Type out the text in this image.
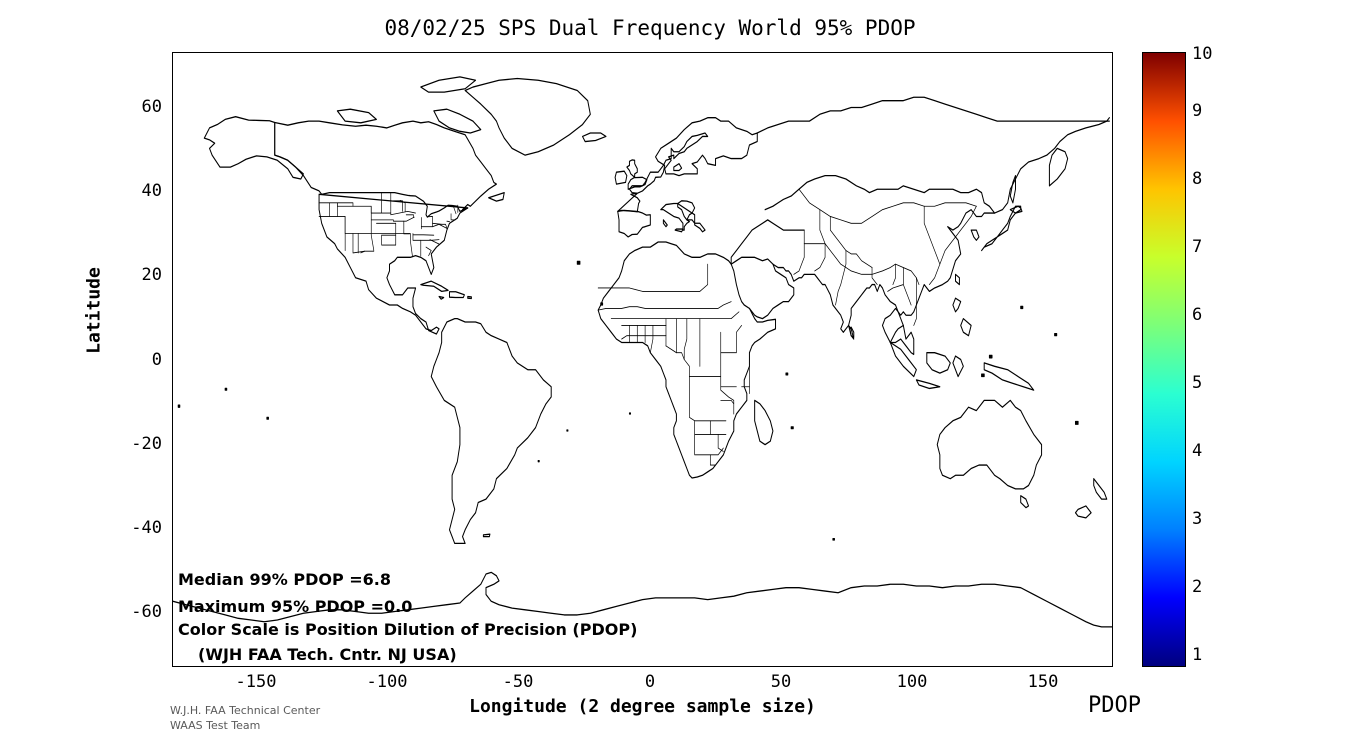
08/02/25 SPS Dual Frequency World 95% PDOP
Latitude
60
40
20
0
-20
-40
-60
-150	-100	-50	0	50	100	150
Longitude (2 degree sample size)
Median 99% PDOP =6.8
Maximum 95% PDOP =0.0
Color Scale is Position Dilution of Precision (PDOP)
(WJH FAA Tech. Cntr. NJ USA)
W.J.H. FAA Technical Center
WAAS Test Team
1
2
3
4
5
6
7
8
9
10
PDOP
